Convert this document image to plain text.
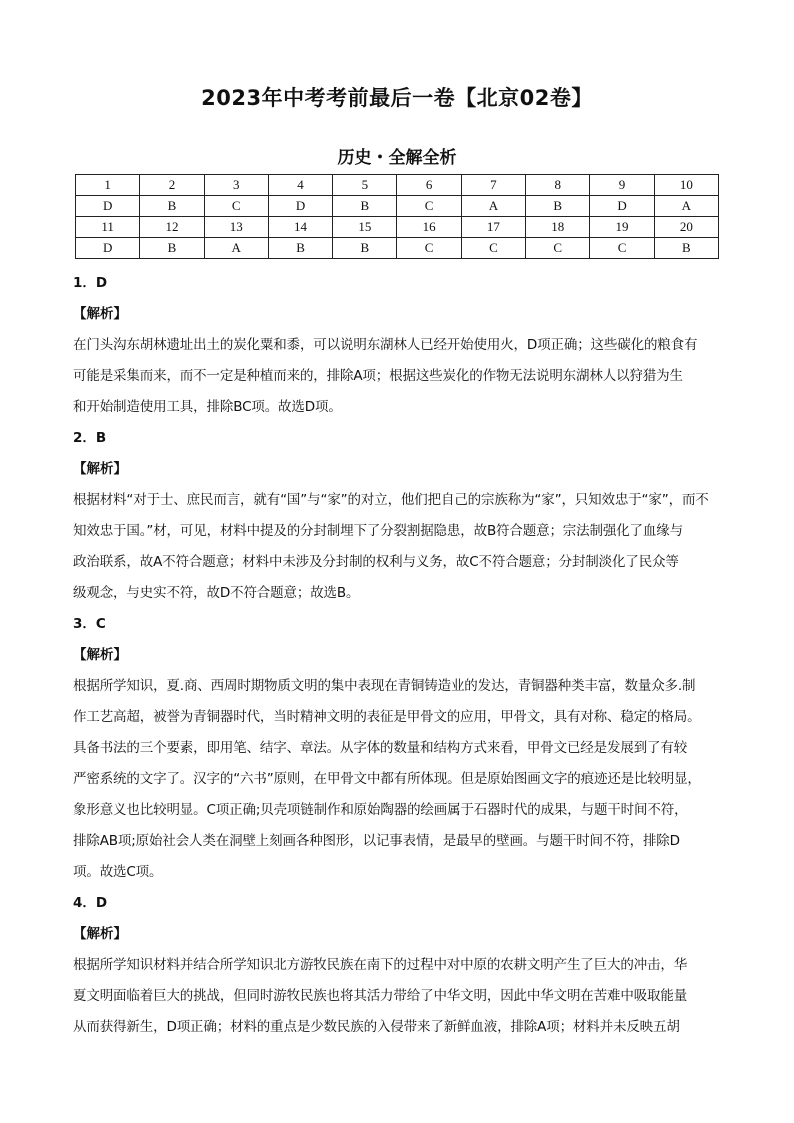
2023年中考考前最后一卷【北京02卷】
历史・全解全析
1	2	3	4	5	6	7	8	9	10
D	B	C	D	B	C	A	B	D	A
11	12	13	14	15	16	17	18	19	20
D	B	A	B	B	C	C	C	C	B
1．D
【解析】
在门头沟东胡林遗址出土的炭化粟和黍，可以说明东湖林人已经开始使用火，D项正确；这些碳化的粮食有
可能是采集而来，而不一定是种植而来的，排除A项；根据这些炭化的作物无法说明东湖林人以狩猎为生
和开始制造使用工具，排除BC项。故选D项。
2．B
【解析】
根据材料“对于士、庶民而言，就有“国”与“家”的对立，他们把自己的宗族称为“家”，只知效忠于“家”，而不
知效忠于国。”材，可见，材料中提及的分封制埋下了分裂割据隐患，故B符合题意；宗法制强化了血缘与
政治联系，故A不符合题意；材料中未涉及分封制的权利与义务，故C不符合题意；分封制淡化了民众等
级观念，与史实不符，故D不符合题意；故选B。
3．C
【解析】
根据所学知识，夏.商、西周时期物质文明的集中表现在青铜铸造业的发达，青铜器种类丰富，数量众多.制
作工艺高超，被誉为青铜器时代，当时精神文明的表征是甲骨文的应用，甲骨文，具有对称、稳定的格局。
具备书法的三个要素，即用笔、结字、章法。从字体的数量和结构方式来看，甲骨文已经是发展到了有较
严密系统的文字了。汉字的“六书”原则，在甲骨文中都有所体现。但是原始图画文字的痕迹还是比较明显，
象形意义也比较明显。C项正确;贝壳项链制作和原始陶器的绘画属于石器时代的成果，与题干时间不符，
排除AB项;原始社会人类在洞壁上刻画各种图形，以记事表情，是最早的壁画。与题干时间不符，排除D
项。故选C项。
4．D
【解析】
根据所学知识材料并结合所学知识北方游牧民族在南下的过程中对中原的农耕文明产生了巨大的冲击，华
夏文明面临着巨大的挑战，但同时游牧民族也将其活力带给了中华文明，因此中华文明在苦难中吸取能量
从而获得新生，D项正确；材料的重点是少数民族的入侵带来了新鲜血液，排除A项；材料并未反映五胡
